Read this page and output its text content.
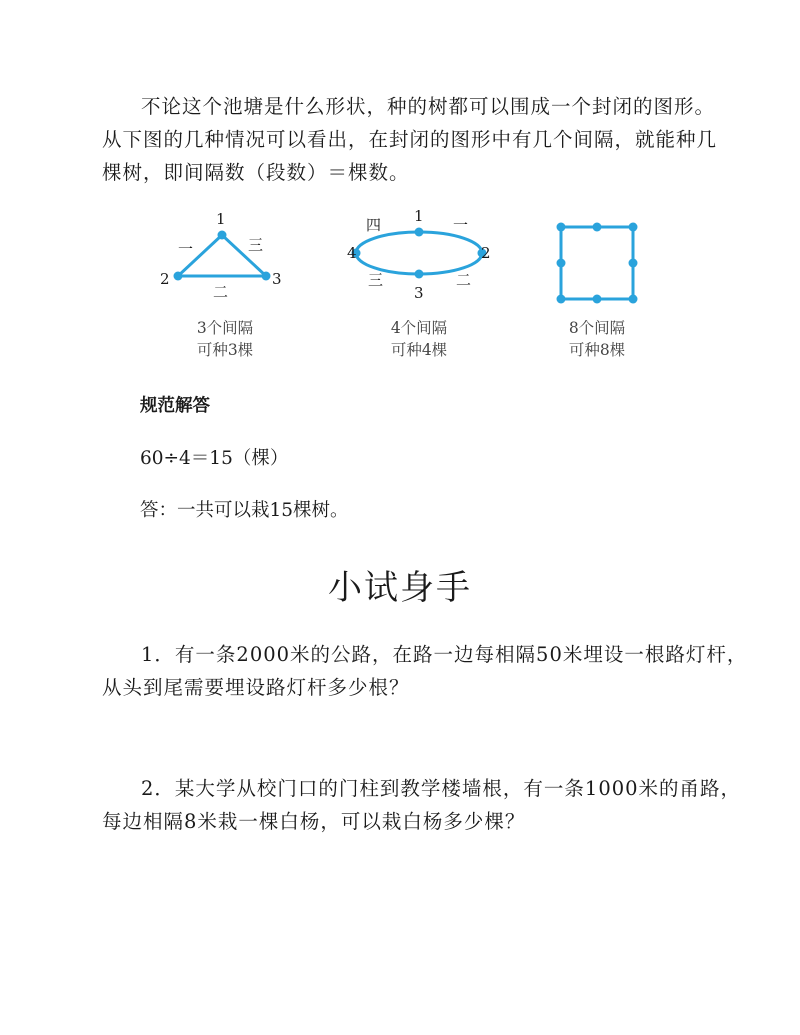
不论这个池塘是什么形状，种的树都可以围成一个封闭的图形。
从下图的几种情况可以看出，在封闭的图形中有几个间隔，就能种几
棵树，即间隔数（段数）＝棵数。

1
2	3
一
二
三
3个间隔
可种3棵
1
2
3
4
一
二
三
四
4个间隔
可种4棵
8个间隔
可种8棵

规范解答

60÷4＝15（棵）

答：一共可以栽15棵树。

小试身手

1．有一条2000米的公路，在路一边每相隔50米埋设一根路灯杆，
从头到尾需要埋设路灯杆多少根？

2．某大学从校门口的门柱到教学楼墙根，有一条1000米的甬路，
每边相隔8米栽一棵白杨，可以栽白杨多少棵？
